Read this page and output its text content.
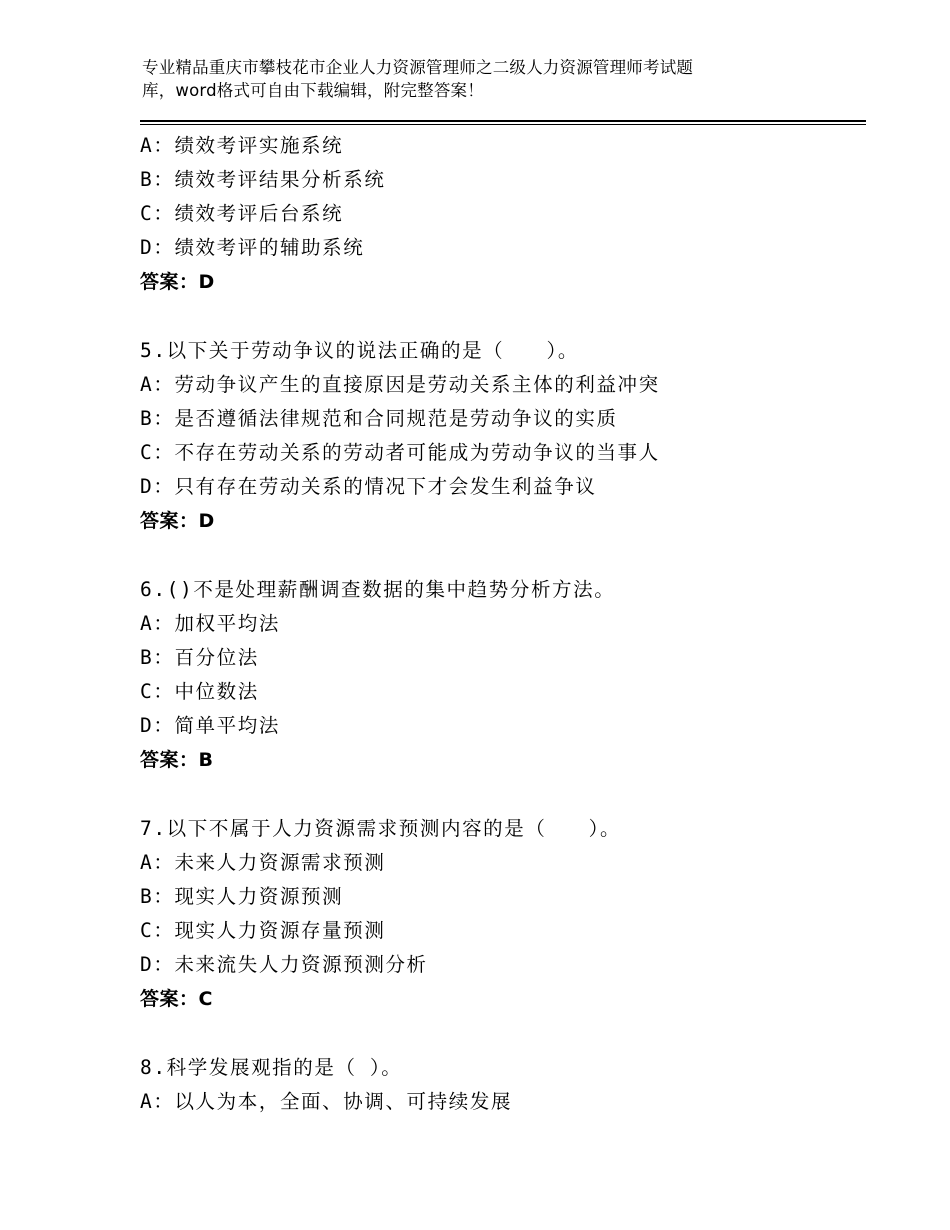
专业精品重庆市攀枝花市企业人力资源管理师之二级人力资源管理师考试题
库，word格式可自由下载编辑，附完整答案！
A：绩效考评实施系统
B：绩效考评结果分析系统
C：绩效考评后台系统
D：绩效考评的辅助系统
答案：D
5.以下关于劳动争议的说法正确的是（　　）。
A：劳动争议产生的直接原因是劳动关系主体的利益冲突
B：是否遵循法律规范和合同规范是劳动争议的实质
C：不存在劳动关系的劳动者可能成为劳动争议的当事人
D：只有存在劳动关系的情况下才会发生利益争议
答案：D
6.()不是处理薪酬调查数据的集中趋势分析方法。
A：加权平均法
B：百分位法
C：中位数法
D：简单平均法
答案：B
7.以下不属于人力资源需求预测内容的是（　　）。
A：未来人力资源需求预测
B：现实人力资源预测
C：现实人力资源存量预测
D：未来流失人力资源预测分析
答案：C
8.科学发展观指的是（ ）。
A：以人为本，全面、协调、可持续发展
